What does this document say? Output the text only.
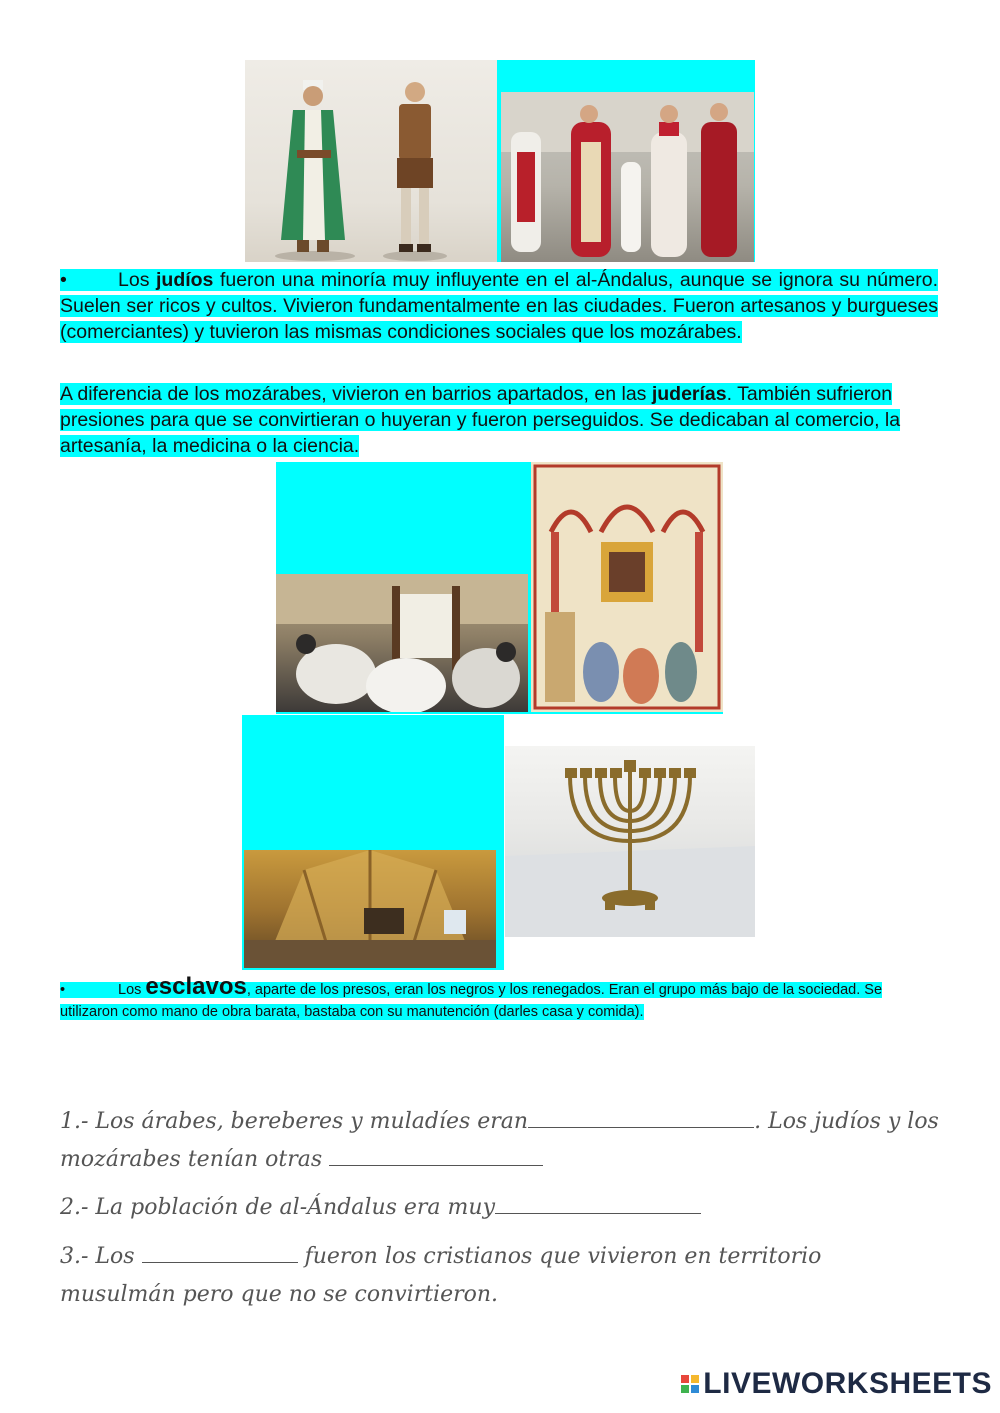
•	Los judíos fueron una minoría muy influyente en el al-Ándalus, aunque se ignora su número. Suelen ser ricos y cultos. Vivieron fundamentalmente en las ciudades. Fueron artesanos y burgueses (comerciantes) y tuvieron las mismas condiciones sociales que los mozárabes.
A diferencia de los mozárabes, vivieron en barrios apartados, en las juderías. También sufrieron presiones para que se convirtieran o huyeran y fueron perseguidos. Se dedicaban al comercio, la artesanía, la medicina o la ciencia.
•	Los esclavos, aparte de los presos, eran los negros y los renegados. Eran el grupo más bajo de la sociedad. Se utilizaron como mano de obra barata, bastaba con su manutención (darles casa y comida).
1.- Los árabes, bereberes y muladíes eran	. Los judíos y los mozárabes tenían otras
2.- La población de al-Ándalus era muy
3.- Los	fueron los cristianos que vivieron en territorio musulmán pero que no se convirtieron.
LIVEWORKSHEETS
